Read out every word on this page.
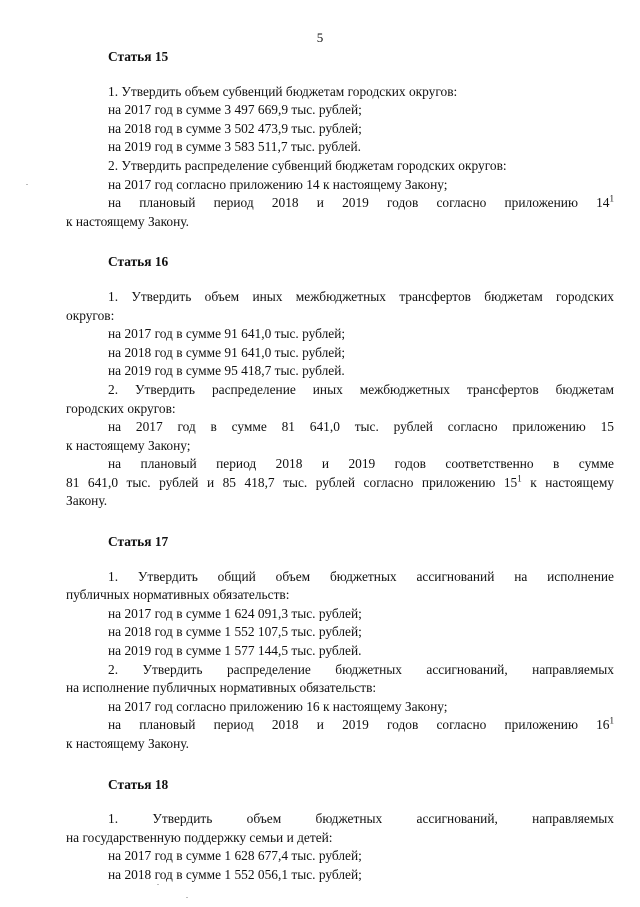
5
Статья 15
1. Утвердить объем субвенций бюджетам городских округов:
на 2017 год в сумме 3 497 669,9 тыс. рублей;
на 2018 год в сумме 3 502 473,9 тыс. рублей;
на 2019 год в сумме 3 583 511,7 тыс. рублей.
2. Утвердить распределение субвенций бюджетам городских округов:
на 2017 год согласно приложению 14 к настоящему Закону;
на плановый период 2018 и 2019 годов согласно приложению $14^1$
к настоящему Закону.
Статья 16
1. Утвердить объем иных межбюджетных трансфертов бюджетам городских
округов:
на 2017 год в сумме 91 641,0 тыс. рублей;
на 2018 год в сумме 91 641,0 тыс. рублей;
на 2019 год в сумме 95 418,7 тыс. рублей.
2. Утвердить распределение иных межбюджетных трансфертов бюджетам
городских округов:
на 2017 год в сумме 81 641,0 тыс. рублей согласно приложению 15
к настоящему Закону;
на плановый период 2018 и 2019 годов соответственно в сумме
81 641,0 тыс. рублей и 85 418,7 тыс. рублей согласно приложению $15^1$ к настоящему
Закону.
Статья 17
1. Утвердить общий объем бюджетных ассигнований на исполнение
публичных нормативных обязательств:
на 2017 год в сумме 1 624 091,3 тыс. рублей;
на 2018 год в сумме 1 552 107,5 тыс. рублей;
на 2019 год в сумме 1 577 144,5 тыс. рублей.
2. Утвердить распределение бюджетных ассигнований, направляемых
на исполнение публичных нормативных обязательств:
на 2017 год согласно приложению 16 к настоящему Закону;
на плановый период 2018 и 2019 годов согласно приложению $16^1$
к настоящему Закону.
Статья 18
1. Утвердить объем бюджетных ассигнований, направляемых
на государственную поддержку семьи и детей:
на 2017 год в сумме 1 628 677,4 тыс. рублей;
на 2018 год в сумме 1 552 056,1 тыс. рублей;
